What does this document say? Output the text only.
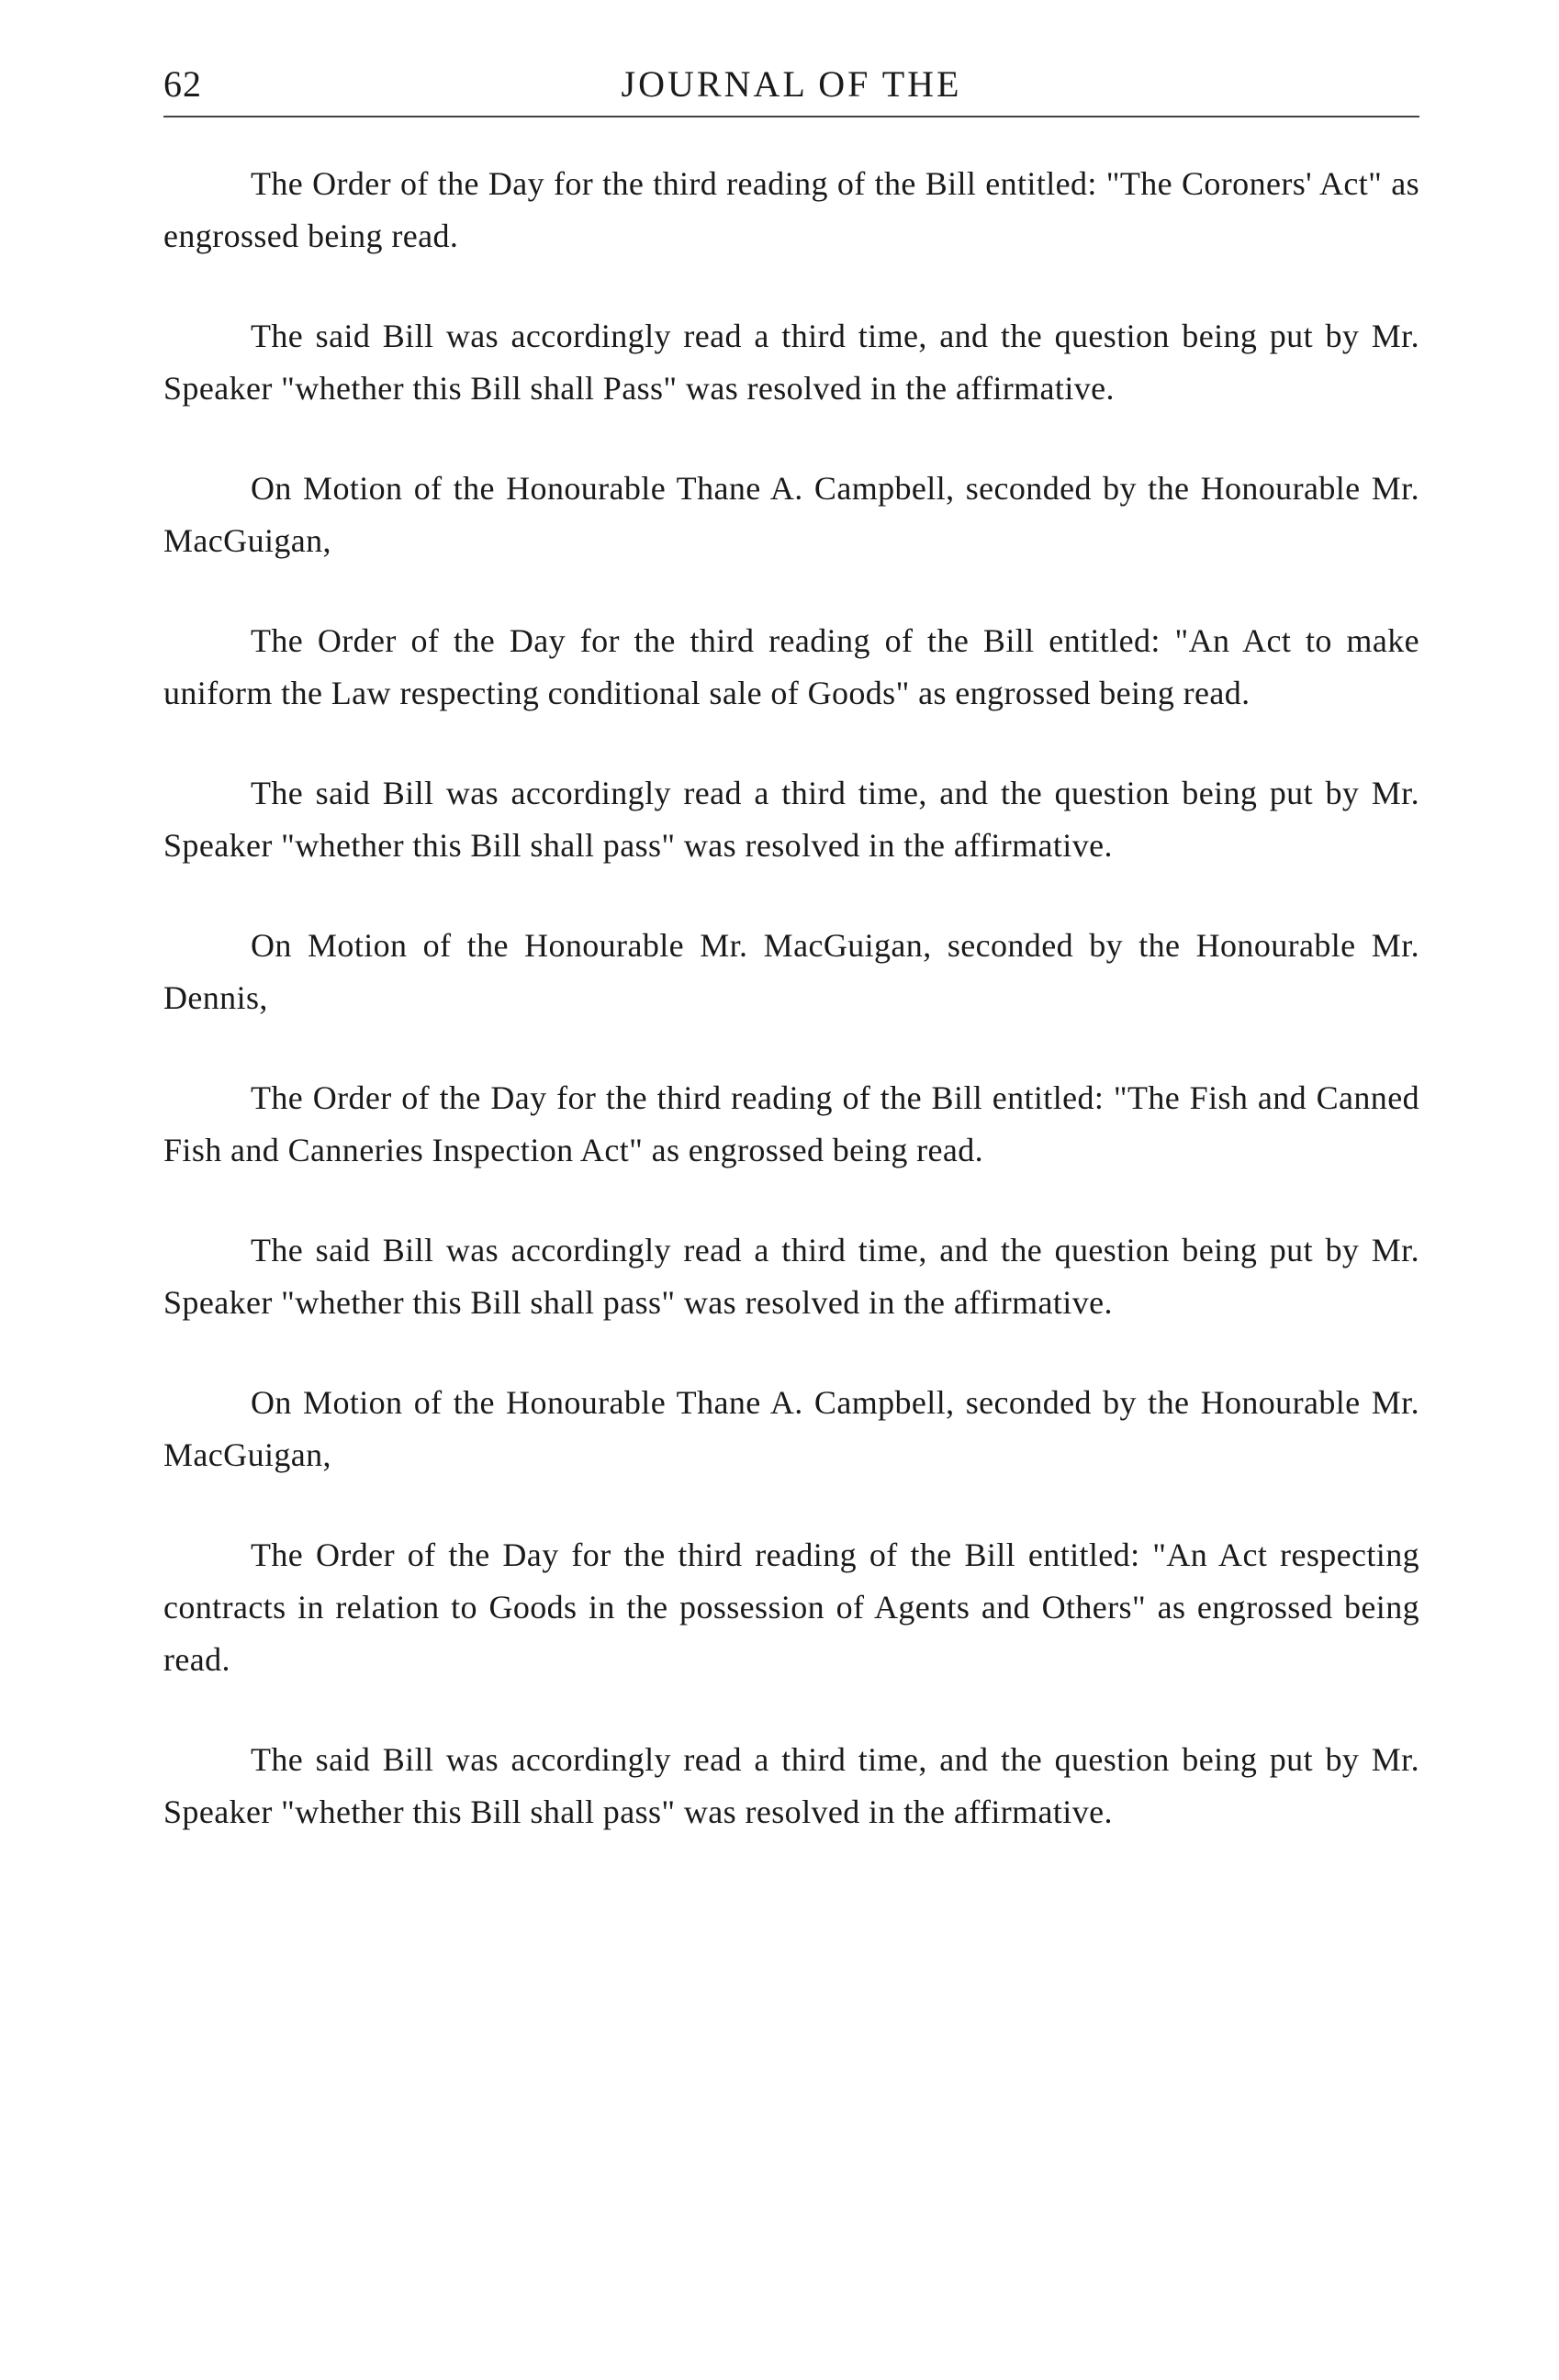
62	JOURNAL OF THE

The Order of the Day for the third reading of the Bill entitled: "The Coroners' Act" as engrossed being read.

The said Bill was accordingly read a third time, and the question being put by Mr. Speaker "whether this Bill shall Pass" was resolved in the affirmative.

On Motion of the Honourable Thane A. Campbell, seconded by the Honourable Mr. MacGuigan,

The Order of the Day for the third reading of the Bill entitled: "An Act to make uniform the Law respecting conditional sale of Goods" as engrossed being read.

The said Bill was accordingly read a third time, and the question being put by Mr. Speaker "whether this Bill shall pass" was resolved in the affirmative.

On Motion of the Honourable Mr. MacGuigan, seconded by the Honourable Mr. Dennis,

The Order of the Day for the third reading of the Bill entitled: "The Fish and Canned Fish and Canneries Inspection Act" as engrossed being read.

The said Bill was accordingly read a third time, and the question being put by Mr. Speaker "whether this Bill shall pass" was resolved in the affirmative.

On Motion of the Honourable Thane A. Campbell, seconded by the Honourable Mr. MacGuigan,

The Order of the Day for the third reading of the Bill entitled: "An Act respecting contracts in relation to Goods in the possession of Agents and Others" as engrossed being read.

The said Bill was accordingly read a third time, and the question being put by Mr. Speaker "whether this Bill shall pass" was resolved in the affirmative.
